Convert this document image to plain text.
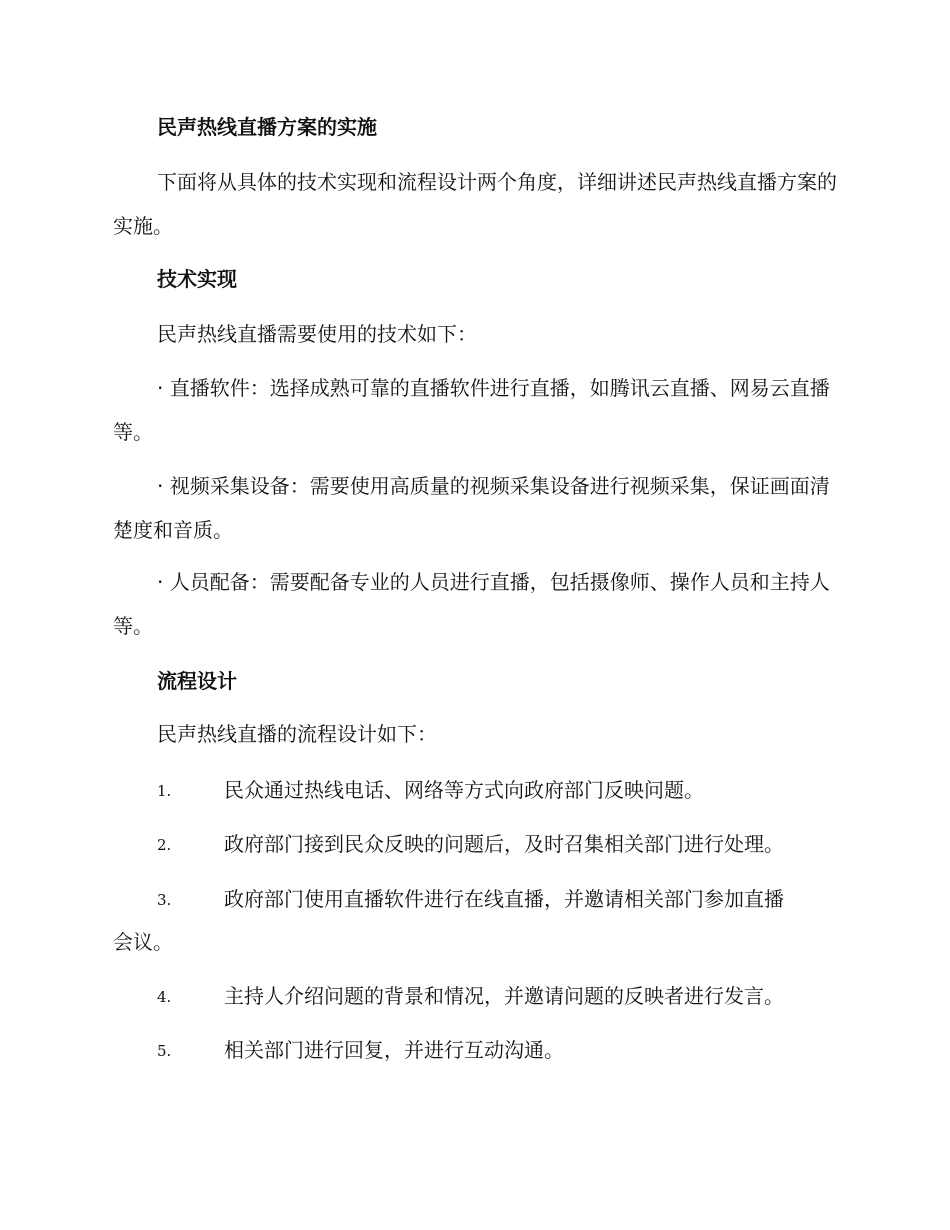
民声热线直播方案的实施

下面将从具体的技术实现和流程设计两个角度，详细讲述民声热线直播方案的实施。

技术实现
民声热线直播需要使用的技术如下：

· 直播软件：选择成熟可靠的直播软件进行直播，如腾讯云直播、网易云直播等。

· 视频采集设备：需要使用高质量的视频采集设备进行视频采集，保证画面清楚度和音质。

· 人员配备：需要配备专业的人员进行直播，包括摄像师、操作人员和主持人等。

流程设计
民声热线直播的流程设计如下：
1.	民众通过热线电话、网络等方式向政府部门反映问题。
2.	政府部门接到民众反映的问题后，及时召集相关部门进行处理。
3.	政府部门使用直播软件进行在线直播，并邀请相关部门参加直播
会议。
4.	主持人介绍问题的背景和情况，并邀请问题的反映者进行发言。
5.	相关部门进行回复，并进行互动沟通。
